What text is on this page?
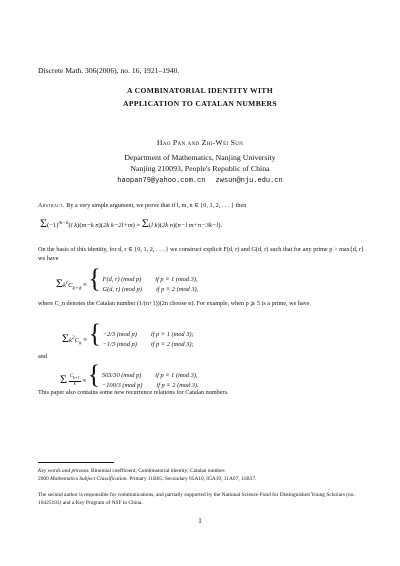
Discrete Math. 306(2006), no. 16, 1921–1940.
A COMBINATORIAL IDENTITY WITH
APPLICATION TO CATALAN NUMBERS
Hao Pan and Zhi-Wei Sun
Department of Mathematics, Nanjing University
Nanjing 210093, People's Republic of China
haopan79@yahoo.com.cn zwsun@nju.edu.cn
Abstract. By a very simple argument, we prove that if l, m, n ∈ {0, 1, 2, . . . } then
$\Sigma(-1)^{m-k}(l$ k)(m−k n)(2k k−2l+m) = Σ(l k)(2k n)(n−l m+n−3k−l).
On the basis of this identity, for d, r ∈ {0, 1, 2, . . . } we construct explicit F(d, r) and G(d, r) such that for any prime p > max{d, r} we have
$\Sigma k^rC_{k+d}$ ≡ { F(d, r) (mod p) if p ≡ 1 (mod 3),
G(d, r) (mod p) if p ≡ 2 (mod 3),
where C_n denotes the Catalan number (1/(n+1))(2n choose n). For example, when p ⩾ 5 is a prime, we have
$\Sigma k^2C_k$ ≡ { −2/3 (mod p) if p ≡ 1 (mod 3);
−1/3 (mod p) if p ≡ 2 (mod 3);
and
Σ $\frac{C_{k+1}}{k}$ ≡ { 503/30 (mod p) if p ≡ 1 (mod 3),
−100/3 (mod p) if p ≡ 2 (mod 3).
This paper also contains some new recurrence relations for Catalan numbers.
Key words and phrases. Binomial coefficient; Combinatorial identity; Catalan number.
2000 Mathematics Subject Classification. Primary 11B65; Secondary 05A10, 05A19, 11A07, 11B37.
The second author is responsible for communications, and partially supported by the National Science Fund for Distinguished Young Scholars (no. 10425103) and a Key Program of NSF in China.
1
